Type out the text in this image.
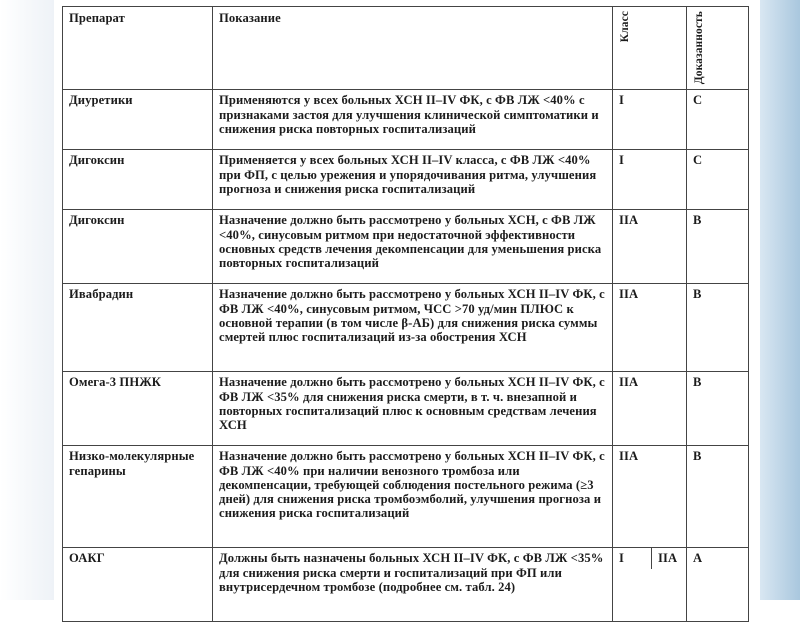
Препарат	Показание	Класс	Доказанность
Диуретики	Применяются у всех больных ХСН II–IV ФК, с ФВ ЛЖ <40% с признаками застоя для улучшения клинической симптоматики и снижения риска повторных госпитализаций	I	C
Дигоксин	Применяется у всех больных ХСН II–IV класса, с ФВ ЛЖ <40% при ФП, с целью урежения и упорядочивания ритма, улучшения прогноза и снижения риска госпитализаций	I	C
Дигоксин	Назначение должно быть рассмотрено у больных ХСН, с ФВ ЛЖ <40%, синусовым ритмом при недостаточной эффективности основных средств лечения декомпенсации для уменьшения риска повторных госпитализаций	IIA	B
Ивабрадин	Назначение должно быть рассмотрено у больных ХСН II–IV ФК, с ФВ ЛЖ <40%, синусовым ритмом, ЧСС >70 уд/мин ПЛЮС к основной терапии (в том числе β-АБ) для снижения риска суммы смертей плюс госпитализаций из-за обострения ХСН	IIA	B
Омега-3 ПНЖК	Назначение должно быть рассмотрено у больных ХСН II–IV ФК, с ФВ ЛЖ <35% для снижения риска смерти, в т. ч. внезапной и повторных госпитализаций плюс к основным средствам лечения ХСН	IIA	B
Низко-молекулярные гепарины	Назначение должно быть рассмотрено у больных ХСН II–IV ФК, с ФВ ЛЖ <40% при наличии венозного тромбоза или декомпенсации, требующей соблюдения постельного режима (≥3 дней) для снижения риска тромбоэмболий, улучшения прогноза и снижения риска госпитализаций	IIA	B
ОАКГ	Должны быть назначены больных ХСН II–IV ФК, с ФВ ЛЖ <35% для снижения риска смерти и госпитализаций при ФП или внутрисердечном тромбозе (подробнее см. табл. 24)	I IIA	A
